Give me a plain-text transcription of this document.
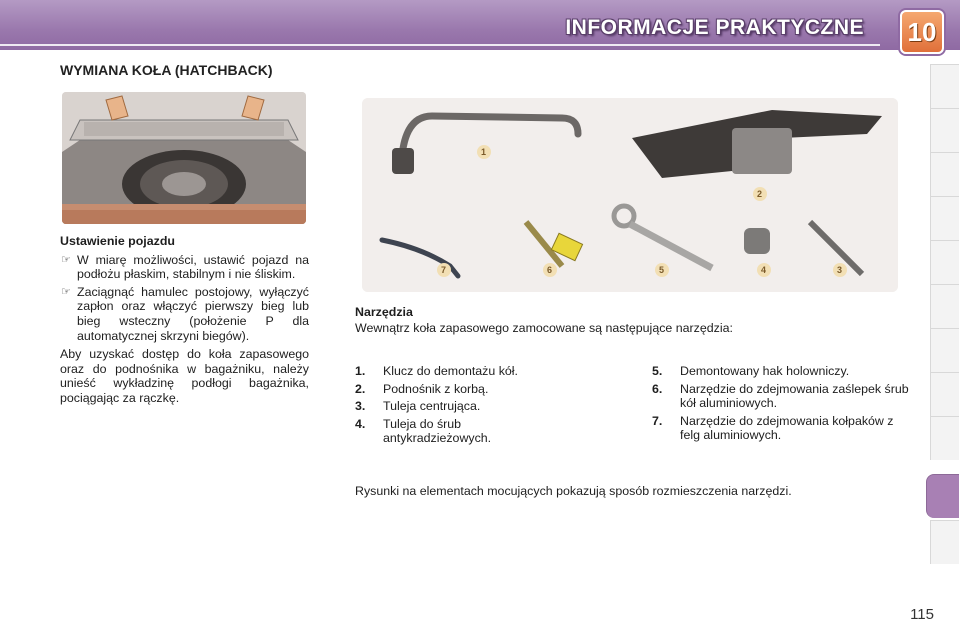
INFORMACJE PRAKTYCZNE 10
WYMIANA KOŁA (HATCHBACK)
1
2
3
4
5
6
7
Ustawienie pojazdu
☞ W miarę możliwości, ustawić pojazd na podłożu płaskim, stabilnym i nie śliskim.
☞ Zaciągnąć hamulec postojowy, wyłączyć zapłon oraz włączyć pierwszy bieg lub bieg wsteczny (położenie P dla automatycznej skrzyni biegów).
Aby uzyskać dostęp do koła zapasowego oraz do podnośnika w bagażniku, należy unieść wykładzinę podłogi bagażnika, pociągając za rączkę.
Narzędzia
Wewnątrz koła zapasowego zamocowane są następujące narzędzia:
1. Klucz do demontażu kół.
2. Podnośnik z korbą.
3. Tuleja centrująca.
4. Tuleja do śrub antykradzieżowych.
5. Demontowany hak holowniczy.
6. Narzędzie do zdejmowania zaślepek śrub kół aluminiowych.
7. Narzędzie do zdejmowania kołpaków z felg aluminiowych.
Rysunki na elementach mocujących pokazują sposób rozmieszczenia narzędzi.
115
